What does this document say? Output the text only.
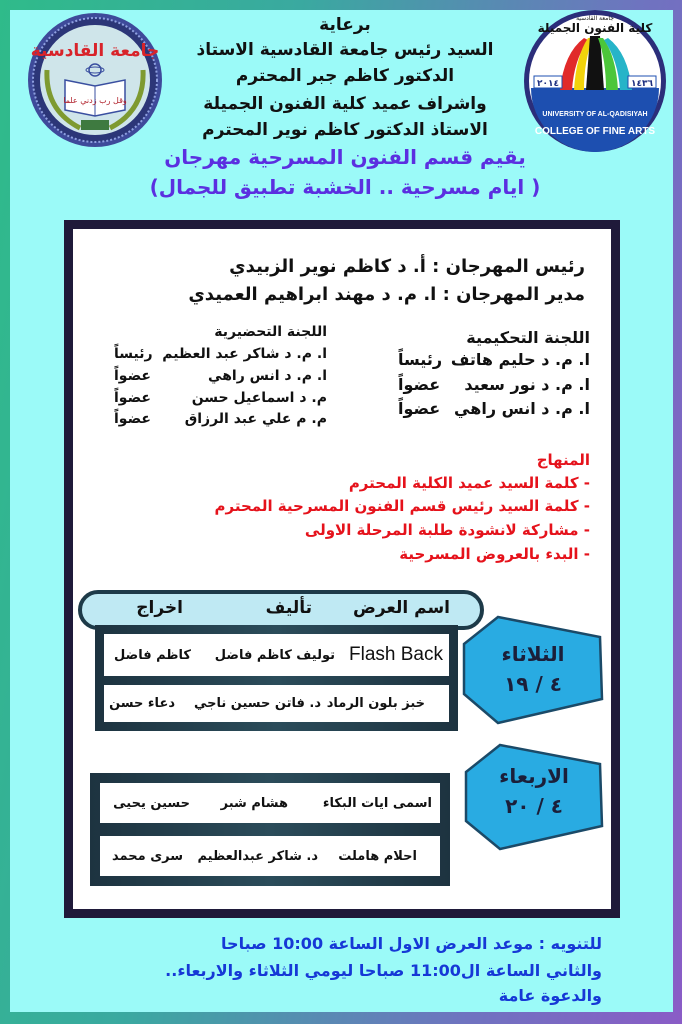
جامعة القادسية
وقل رب زدني علما
كلية الفنون الجميلة
جامعة القادسية
٢٠١٤	١٤٣٦
UNIVERSITY OF AL-QADISIYAH
COLLEGE OF FINE ARTS
برعاية
السيد رئيس جامعة القادسية الاستاذ
الدكتور كاظم جبر المحترم
واشراف عميد كلية الفنون الجميلة
الاستاذ الدكتور كاظم نوير المحترم
يقيم قسم الفنون المسرحية مهرجان
( ايام مسرحية .. الخشبة تطبيق للجمال)
رئيس المهرجان : أ. د كاظم نوير الزبيدي
مدير المهرجان : ا. م. د مهند ابراهيم العميدي
اللجنة التحكيمية
ا. م. د حليم هاتف
رئيساً
ا. م. د نور سعيد
عضواً
ا. م. د انس راهي
عضواً
اللجنة التحضيرية
ا. م. د شاكر عبد العظيم
رئيساً
ا. م. د انس راهي
عضواً
م. د اسماعيل حسن
عضواً
م. م علي عبد الرزاق
عضواً
المنهاج
- كلمة السيد عميد الكلية المحترم
- كلمة السيد رئيس قسم الفنون المسرحية المحترم
- مشاركة لانشودة طلبة المرحلة الاولى
- البدء بالعروض المسرحية
اسم العرض
تأليف
اخراج
Flash Back
توليف كاظم فاضل
كاظم فاضل
خبز بلون الرماد
د. فاتن حسين ناجي
دعاء حسن
الثلاثاء
٤ / ١٩
اسمى ايات البكاء
هشام شبر
حسين يحيى
احلام هاملت
د. شاكر عبدالعظيم
سرى محمد
الاربعاء
٤ / ٢٠
للتنويه : موعد العرض الاول الساعة 10:00 صباحا
والثاني الساعة ال11:00 صباحا ليومي الثلاثاء والاربعاء..
والدعوة عامة
